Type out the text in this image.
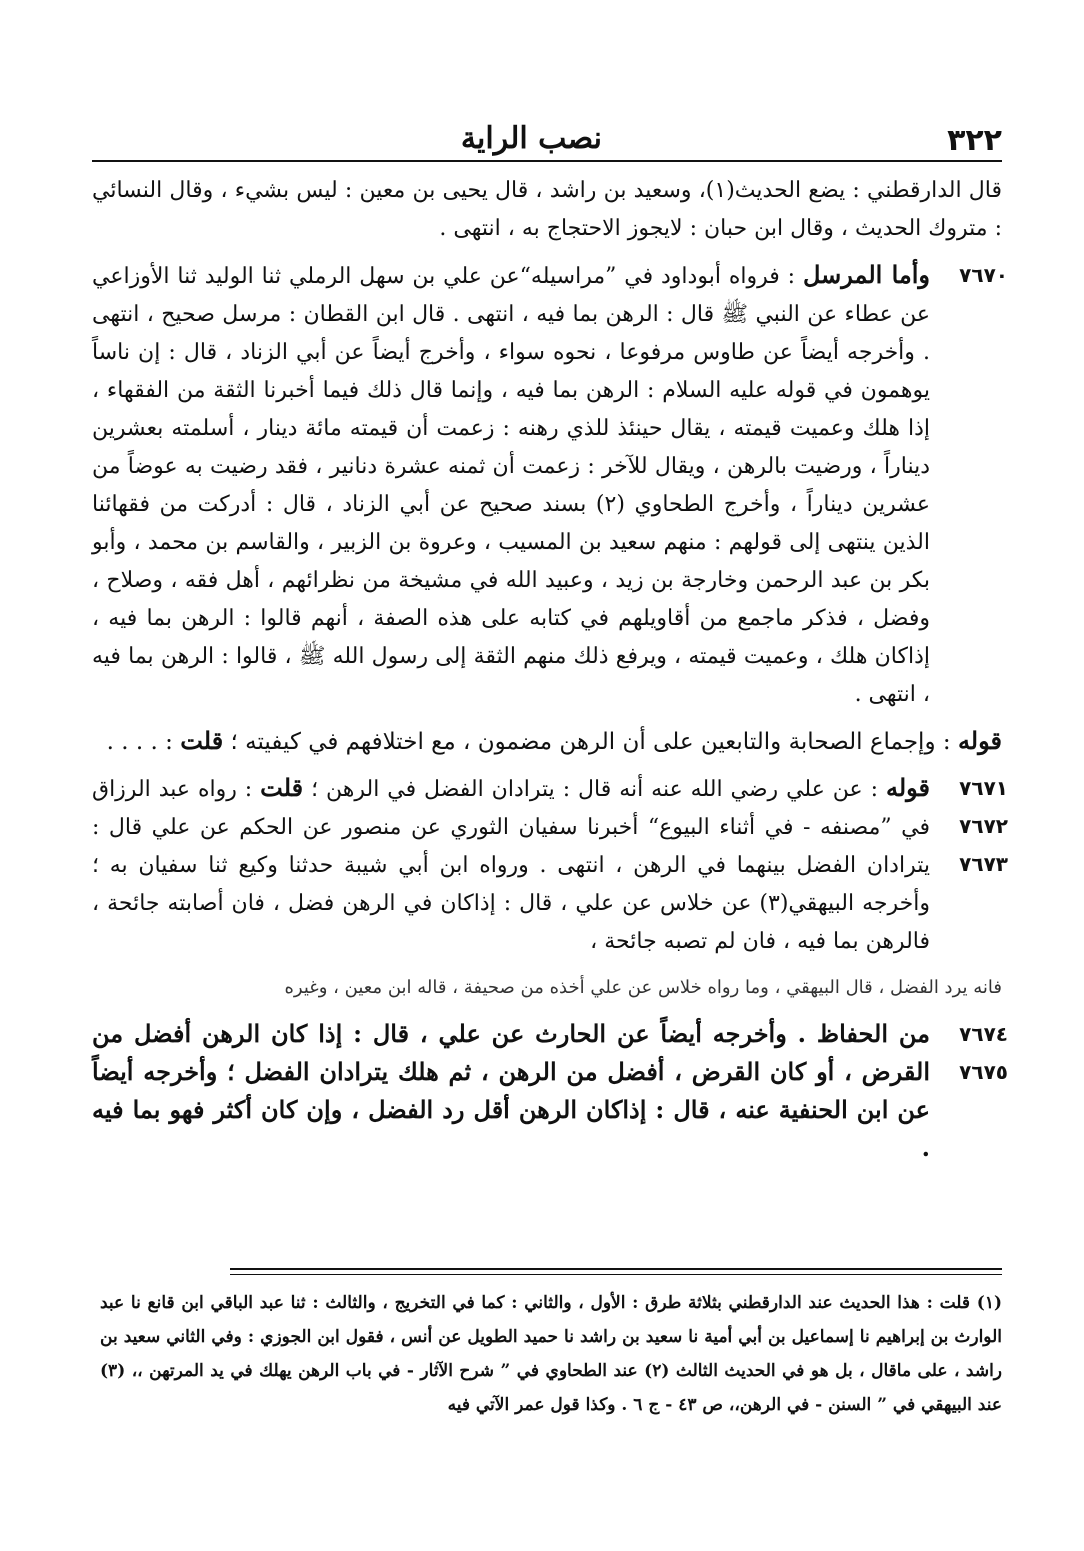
٣٢٢
نصب الراية

قال الدارقطني : يضع الحديث(١)، وسعيد بن راشد ، قال يحيى بن معين : ليس بشيء ، وقال النسائي : متروك الحديث ، وقال ابن حبان : لايجوز الاحتجاج به ، انتهى .

٧٦٧٠
وأما المرسل : فرواه أبوداود في ”مراسيله“عن علي بن سهل الرملي ثنا الوليد ثنا الأوزاعي عن عطاء عن النبي ﷺ قال : الرهن بما فيه ، انتهى . قال ابن القطان : مرسل صحيح ، انتهى . وأخرجه أيضاً عن طاوس مرفوعا ، نحوه سواء ، وأخرج أيضاً عن أبي الزناد ، قال : إن ناساً يوهمون في قوله عليه السلام : الرهن بما فيه ، وإنما قال ذلك فيما أخبرنا الثقة من الفقهاء ، إذا هلك وعميت قيمته ، يقال حينئذ للذي رهنه : زعمت أن قيمته مائة دينار ، أسلمته بعشرين ديناراً ، ورضيت بالرهن ، ويقال للآخر : زعمت أن ثمنه عشرة دنانير ، فقد رضيت به عوضاً من عشرين ديناراً ، وأخرج الطحاوي (٢) بسند صحيح عن أبي الزناد ، قال : أدركت من فقهائنا الذين ينتهى إلى قولهم : منهم سعيد بن المسيب ، وعروة بن الزبير ، والقاسم بن محمد ، وأبو بكر بن عبد الرحمن وخارجة بن زيد ، وعبيد الله في مشيخة من نظرائهم ، أهل فقه ، وصلاح ، وفضل ، فذكر ماجمع من أقاويلهم في كتابه على هذه الصفة ، أنهم قالوا : الرهن بما فيه ، إذاكان هلك ، وعميت قيمته ، ويرفع ذلك منهم الثقة إلى رسول الله ﷺ ، قالوا : الرهن بما فيه ، انتهى .

قوله : وإجماع الصحابة والتابعين على أن الرهن مضمون ، مع اختلافهم في كيفيته ؛ قلت : . . . .

٧٦٧١
٧٦٧٢
٧٦٧٣
قوله : عن علي رضي الله عنه أنه قال : يترادان الفضل في الرهن ؛ قلت : رواه عبد الرزاق في ”مصنفه - في أثناء البيوع“ أخبرنا سفيان الثوري عن منصور عن الحكم عن علي قال : يترادان الفضل بينهما في الرهن ، انتهى . ورواه ابن أبي شيبة حدثنا وكيع ثنا سفيان به ؛ وأخرجه البيهقي(٣) عن خلاس عن علي ، قال : إذاكان في الرهن فضل ، فان أصابته جائحة ، فالرهن بما فيه ، فان لم تصبه جائحة ،

فانه يرد الفضل ، قال البيهقي ، وما رواه خلاس عن علي أخذه من صحيفة ، قاله ابن معين ، وغيره

٧٦٧٤
٧٦٧٥
من الحفاظ . وأخرجه أيضاً عن الحارث عن علي ، قال : إذا كان الرهن أفضل من القرض ، أو كان القرض ، أفضل من الرهن ، ثم هلك يترادان الفضل ؛ وأخرجه أيضاً عن ابن الحنفية عنه ، قال : إذاكان الرهن أقل رد الفضل ، وإن كان أكثر فهو بما فيه .

(١) قلت : هذا الحديث عند الدارقطني بثلاثة طرق : الأول ، والثاني : كما في التخريج ، والثالث : ثنا عبد الباقي ابن قانع نا عبد الوارث بن إبراهيم نا إسماعيل بن أبي أمية نا سعيد بن راشد نا حميد الطويل عن أنس ، فقول ابن الجوزي : وفي الثاني سعيد بن راشد ، على ماقال ، بل هو في الحديث الثالث (٢) عند الطحاوي في ” شرح الآثار - في باب الرهن يهلك في يد المرتهن ،، (٣) عند البيهقي في ” السنن - في الرهن،، ص ٤٣ - ج ٦ . وكذا قول عمر الآتي فيه
